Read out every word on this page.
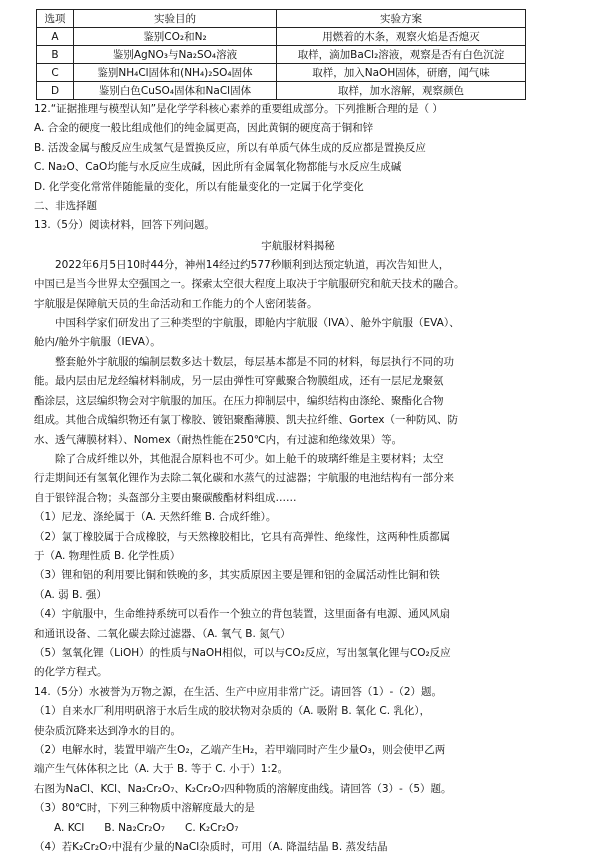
选项	实验目的	实验方案
A	鉴别CO₂和N₂	用燃着的木条，观察火焰是否熄灭
B	鉴别AgNO₃与Na₂SO₄溶液	取样，滴加BaCl₂溶液，观察是否有白色沉淀
C	鉴别NH₄Cl固体和(NH₄)₂SO₄固体	取样，加入NaOH固体，研磨，闻气味
D	鉴别白色CuSO₄固体和NaCl固体	取样，加水溶解，观察颜色
12.“证据推理与模型认知”是化学学科核心素养的重要组成部分。下列推断合理的是（ ）
A. 合金的硬度一般比组成他们的纯金属更高，因此黄铜的硬度高于铜和锌
B. 活泼金属与酸反应生成氢气是置换反应，所以有单质气体生成的反应都是置换反应
C. Na₂O、CaO均能与水反应生成碱，因此所有金属氧化物都能与水反应生成碱
D. 化学变化常常伴随能量的变化，所以有能量变化的一定属于化学变化
二、非选择题
13.（5分）阅读材料，回答下列问题。
宇航服材料揭秘
2022年6月5日10时44分，神州14经过约577秒顺利到达预定轨道，再次告知世人，
中国已是当今世界太空强国之一。探索太空很大程度上取决于宇航服研究和航天技术的融合。
宇航服是保障航天员的生命活动和工作能力的个人密闭装备。
中国科学家们研发出了三种类型的宇航服，即舱内宇航服（IVA）、舱外宇航服（EVA）、
舱内/舱外宇航服（IEVA）。
整套舱外宇航服的编制层数多达十数层，每层基本都是不同的材料，每层执行不同的功
能。最内层由尼龙经编材料制成，另一层由弹性可穿戴聚合物膜组成，还有一层尼龙聚氨
酯涂层，这层编织物会对宇航服的加压。在压力抑制层中，编织结构由涤纶、聚酯化合物
组成。其他合成编织物还有氯丁橡胶、镀铝聚酯薄膜、凯夫拉纤维、Gortex（一种防风、防
水、透气薄膜材料）、Nomex（耐热性能在250℃内，有过滤和绝缘效果）等。
除了合成纤维以外，其他混合原料也不可少。如上舱千的玻璃纤维是主要材料；太空
行走期间还有氢氧化锂作为去除二氧化碳和水蒸气的过滤器；宇航服的电池结构有一部分来
自于银锌混合物；头盔部分主要由聚碳酸酯材料组成……
（1）尼龙、涤纶属于（A. 天然纤维 B. 合成纤维）。
（2）氯丁橡胶属于合成橡胶，与天然橡胶相比，它具有高弹性、绝缘性，这两种性质都属
于（A. 物理性质 B. 化学性质）
（3）锂和铝的利用要比铜和铁晚的多，其实质原因主要是锂和铝的金属活动性比铜和铁
（A. 弱 B. 强）
（4）宇航服中，生命维持系统可以看作一个独立的背包装置，这里面备有电源、通风风扇
和通讯设备、二氧化碳去除过滤器、（A. 氧气 B. 氮气）
（5）氢氧化锂（LiOH）的性质与NaOH相似，可以与CO₂反应，写出氢氧化锂与CO₂反应
的化学方程式。
14.（5分）水被誉为万物之源，在生活、生产中应用非常广泛。请回答（1）-（2）题。
（1）自来水厂利用明矾溶于水后生成的胶状物对杂质的（A. 吸附 B. 氧化 C. 乳化），
使杂质沉降来达到净水的目的。
（2）电解水时，装置甲端产生O₂，乙端产生H₂，若甲端同时产生少量O₃，则会使甲乙两
端产生气体体积之比（A. 大于 B. 等于 C. 小于）1:2。
右图为NaCl、KCl、Na₂Cr₂O₇、K₂Cr₂O₇四种物质的溶解度曲线。请回答（3）-（5）题。
（3）80℃时，下列三种物质中溶解度最大的是
A. KCl      B. Na₂Cr₂O₇      C. K₂Cr₂O₇
（4）若K₂Cr₂O₇中混有少量的NaCl杂质时，可用（A. 降温结晶 B. 蒸发结晶
